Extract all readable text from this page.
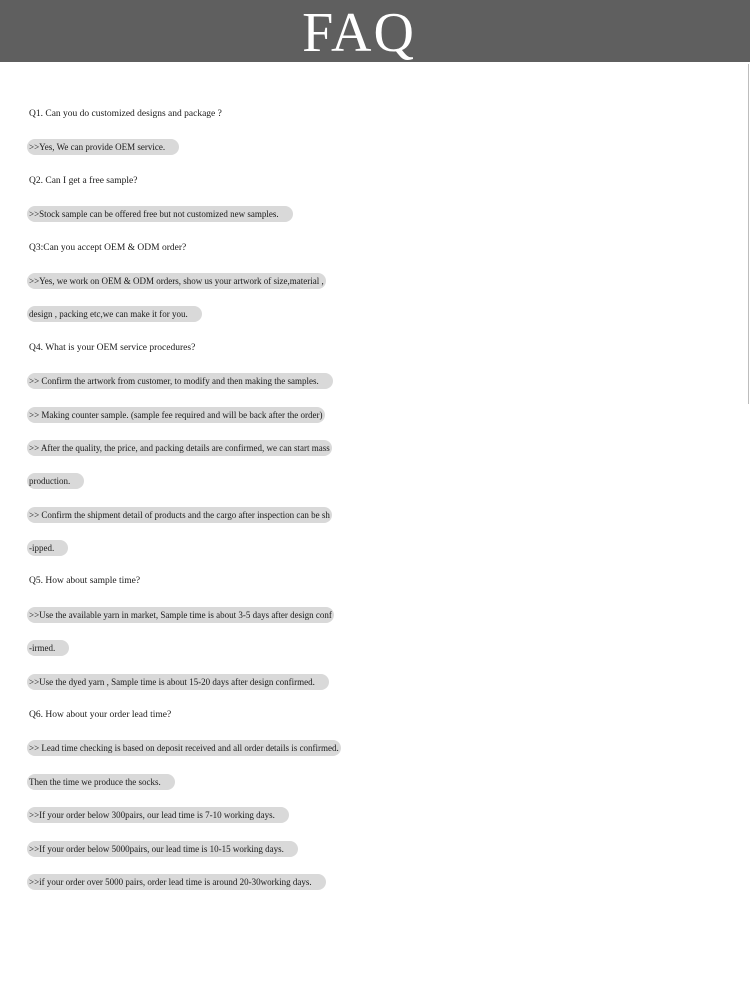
FAQ
Q1. Can you do customized designs and package ?
>>Yes, We can provide OEM service.
Q2. Can I get a free sample?
>>Stock sample can be offered free but not customized new samples.
Q3:Can you accept OEM & ODM order?
>>Yes, we work on OEM & ODM orders, show us your artwork of size,material ,
design , packing etc,we can make it for you.
Q4. What is your OEM service procedures?
>> Confirm the artwork from customer, to modify and then making the samples.
>> Making counter sample. (sample fee required and will be back after the order)
>> After the quality, the price, and packing details are confirmed, we can start mass
production.
>> Confirm the shipment detail of products and the cargo after inspection can be sh
-ipped.
Q5. How about sample time?
>>Use the available yarn in market, Sample time is about 3-5 days after design conf
-irmed.
>>Use the dyed yarn , Sample time is about 15-20 days after design confirmed.
Q6. How about your order lead time?
>> Lead time checking is based on deposit received and all order details is confirmed.
Then the time we produce the socks.
>>If your order below 300pairs, our lead time is 7-10 working days.
>>If your order below 5000pairs, our lead time is 10-15 working days.
>>if your order over 5000 pairs, order lead time is around 20-30working days.
